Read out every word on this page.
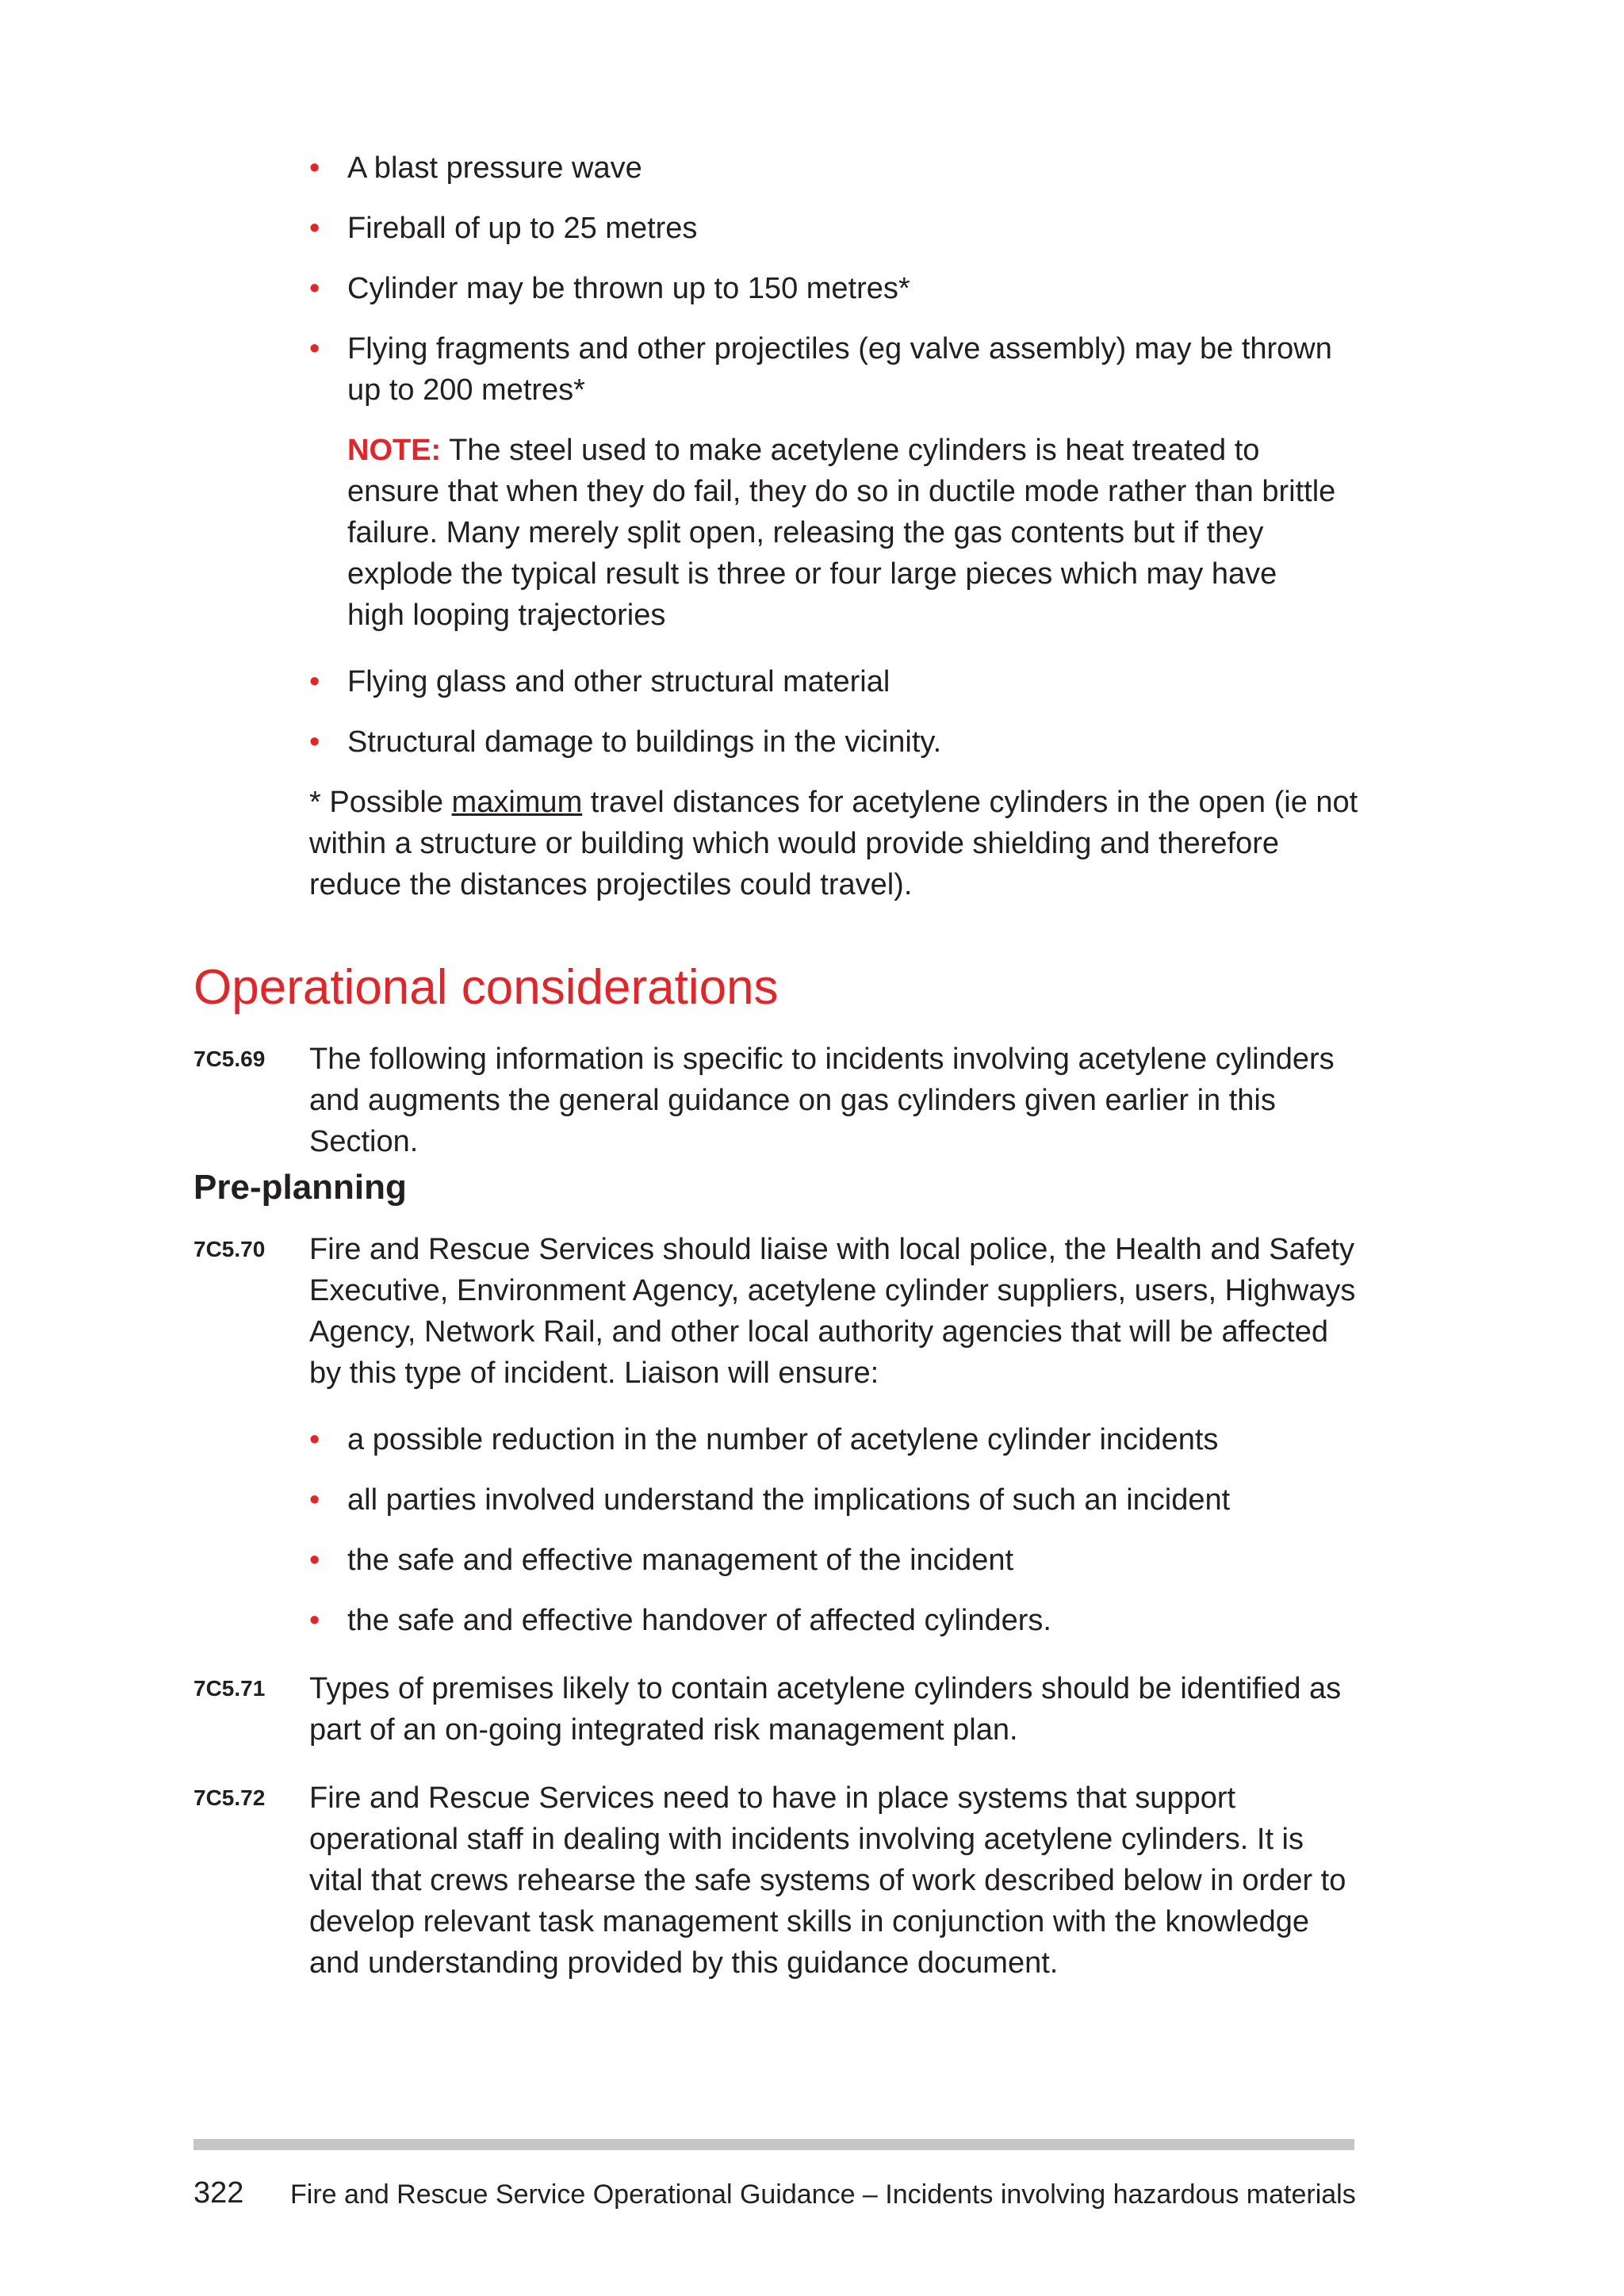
• A blast pressure wave
• Fireball of up to 25 metres
• Cylinder may be thrown up to 150 metres*
• Flying fragments and other projectiles (eg valve assembly) may be thrown up to 200 metres*
NOTE: The steel used to make acetylene cylinders is heat treated to ensure that when they do fail, they do so in ductile mode rather than brittle failure. Many merely split open, releasing the gas contents but if they explode the typical result is three or four large pieces which may have high looping trajectories
• Flying glass and other structural material
• Structural damage to buildings in the vicinity.
* Possible maximum travel distances for acetylene cylinders in the open (ie not within a structure or building which would provide shielding and therefore reduce the distances projectiles could travel).
Operational considerations
7C5.69 The following information is specific to incidents involving acetylene cylinders and augments the general guidance on gas cylinders given earlier in this Section.
Pre-planning
7C5.70 Fire and Rescue Services should liaise with local police, the Health and Safety Executive, Environment Agency, acetylene cylinder suppliers, users, Highways Agency, Network Rail, and other local authority agencies that will be affected by this type of incident. Liaison will ensure:
• a possible reduction in the number of acetylene cylinder incidents
• all parties involved understand the implications of such an incident
• the safe and effective management of the incident
• the safe and effective handover of affected cylinders.
7C5.71 Types of premises likely to contain acetylene cylinders should be identified as part of an on-going integrated risk management plan.
7C5.72 Fire and Rescue Services need to have in place systems that support operational staff in dealing with incidents involving acetylene cylinders. It is vital that crews rehearse the safe systems of work described below in order to develop relevant task management skills in conjunction with the knowledge and understanding provided by this guidance document.
322 Fire and Rescue Service Operational Guidance – Incidents involving hazardous materials
